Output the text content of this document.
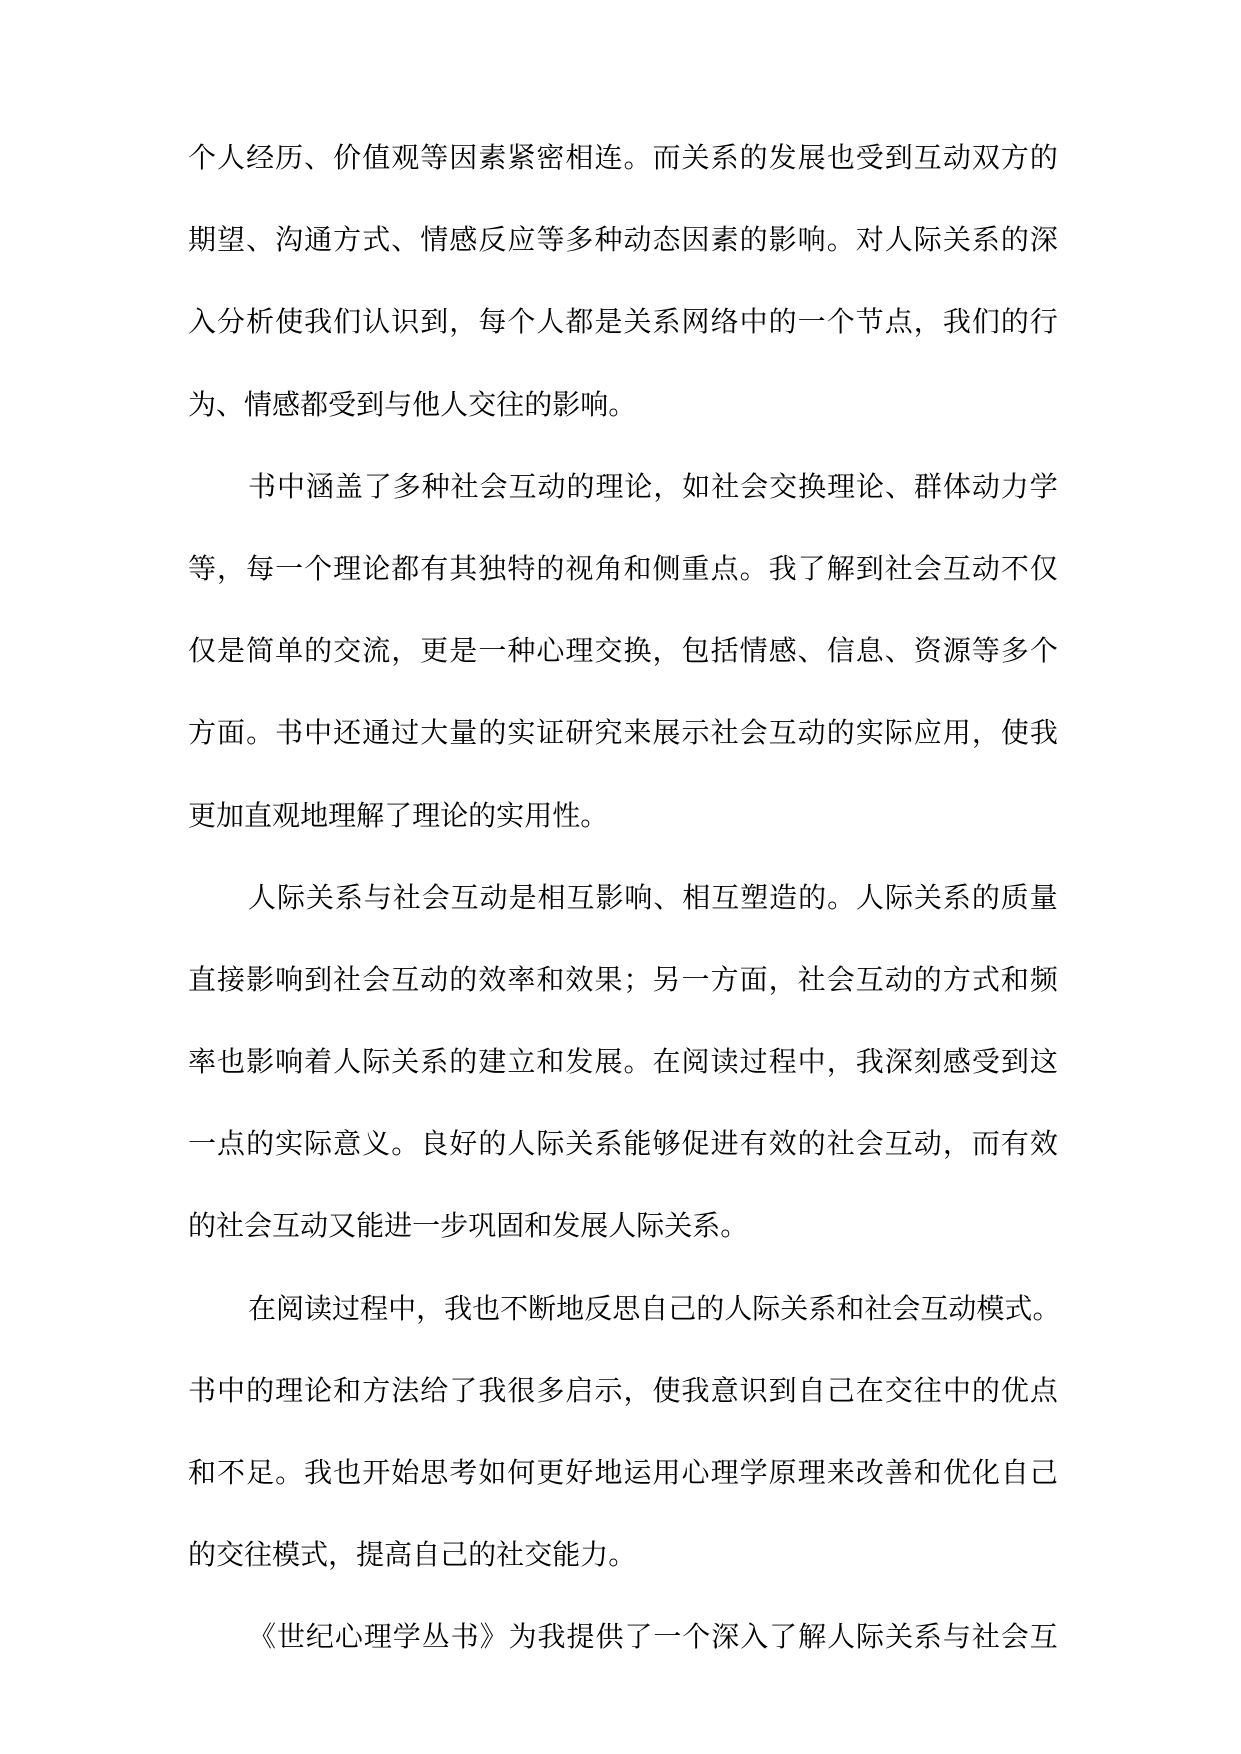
个 人 经 历 、 价 值 观 等 因 素 紧 密 相 连 。 而 关 系 的 发 展 也 受 到 互 动 双 方 的
期 望 、 沟 通 方 式 、 情 感 反 应 等 多 种 动 态 因 素 的 影 响 。 对 人 际 关 系 的 深
入 分 析 使 我 们 认 识 到 ， 每 个 人 都 是 关 系 网 络 中 的 一 个 节 点 ， 我 们 的 行
为 、 情 感 都 受 到 与 他 人 交 往 的 影 响 。
书 中 涵 盖 了 多 种 社 会 互 动 的 理 论 ， 如 社 会 交 换 理 论 、 群 体 动 力 学
等 ， 每 一 个 理 论 都 有 其 独 特 的 视 角 和 侧 重 点 。 我 了 解 到 社 会 互 动 不 仅
仅 是 简 单 的 交 流 ， 更 是 一 种 心 理 交 换 ， 包 括 情 感 、 信 息 、 资 源 等 多 个
方 面 。 书 中 还 通 过 大 量 的 实 证 研 究 来 展 示 社 会 互 动 的 实 际 应 用 ， 使 我
更 加 直 观 地 理 解 了 理 论 的 实 用 性 。
人 际 关 系 与 社 会 互 动 是 相 互 影 响 、 相 互 塑 造 的 。 人 际 关 系 的 质 量
直 接 影 响 到 社 会 互 动 的 效 率 和 效 果 ； 另 一 方 面 ， 社 会 互 动 的 方 式 和 频
率 也 影 响 着 人 际 关 系 的 建 立 和 发 展 。 在 阅 读 过 程 中 ， 我 深 刻 感 受 到 这
一 点 的 实 际 意 义 。 良 好 的 人 际 关 系 能 够 促 进 有 效 的 社 会 互 动 ， 而 有 效
的 社 会 互 动 又 能 进 一 步 巩 固 和 发 展 人 际 关 系 。
在 阅 读 过 程 中 ， 我 也 不 断 地 反 思 自 己 的 人 际 关 系 和 社 会 互 动 模 式 。
书 中 的 理 论 和 方 法 给 了 我 很 多 启 示 ， 使 我 意 识 到 自 己 在 交 往 中 的 优 点
和 不 足 。 我 也 开 始 思 考 如 何 更 好 地 运 用 心 理 学 原 理 来 改 善 和 优 化 自 己
的 交 往 模 式 ， 提 高 自 己 的 社 交 能 力 。
《 世 纪 心 理 学 丛 书 》 为 我 提 供 了 一 个 深 入 了 解 人 际 关 系 与 社 会 互
